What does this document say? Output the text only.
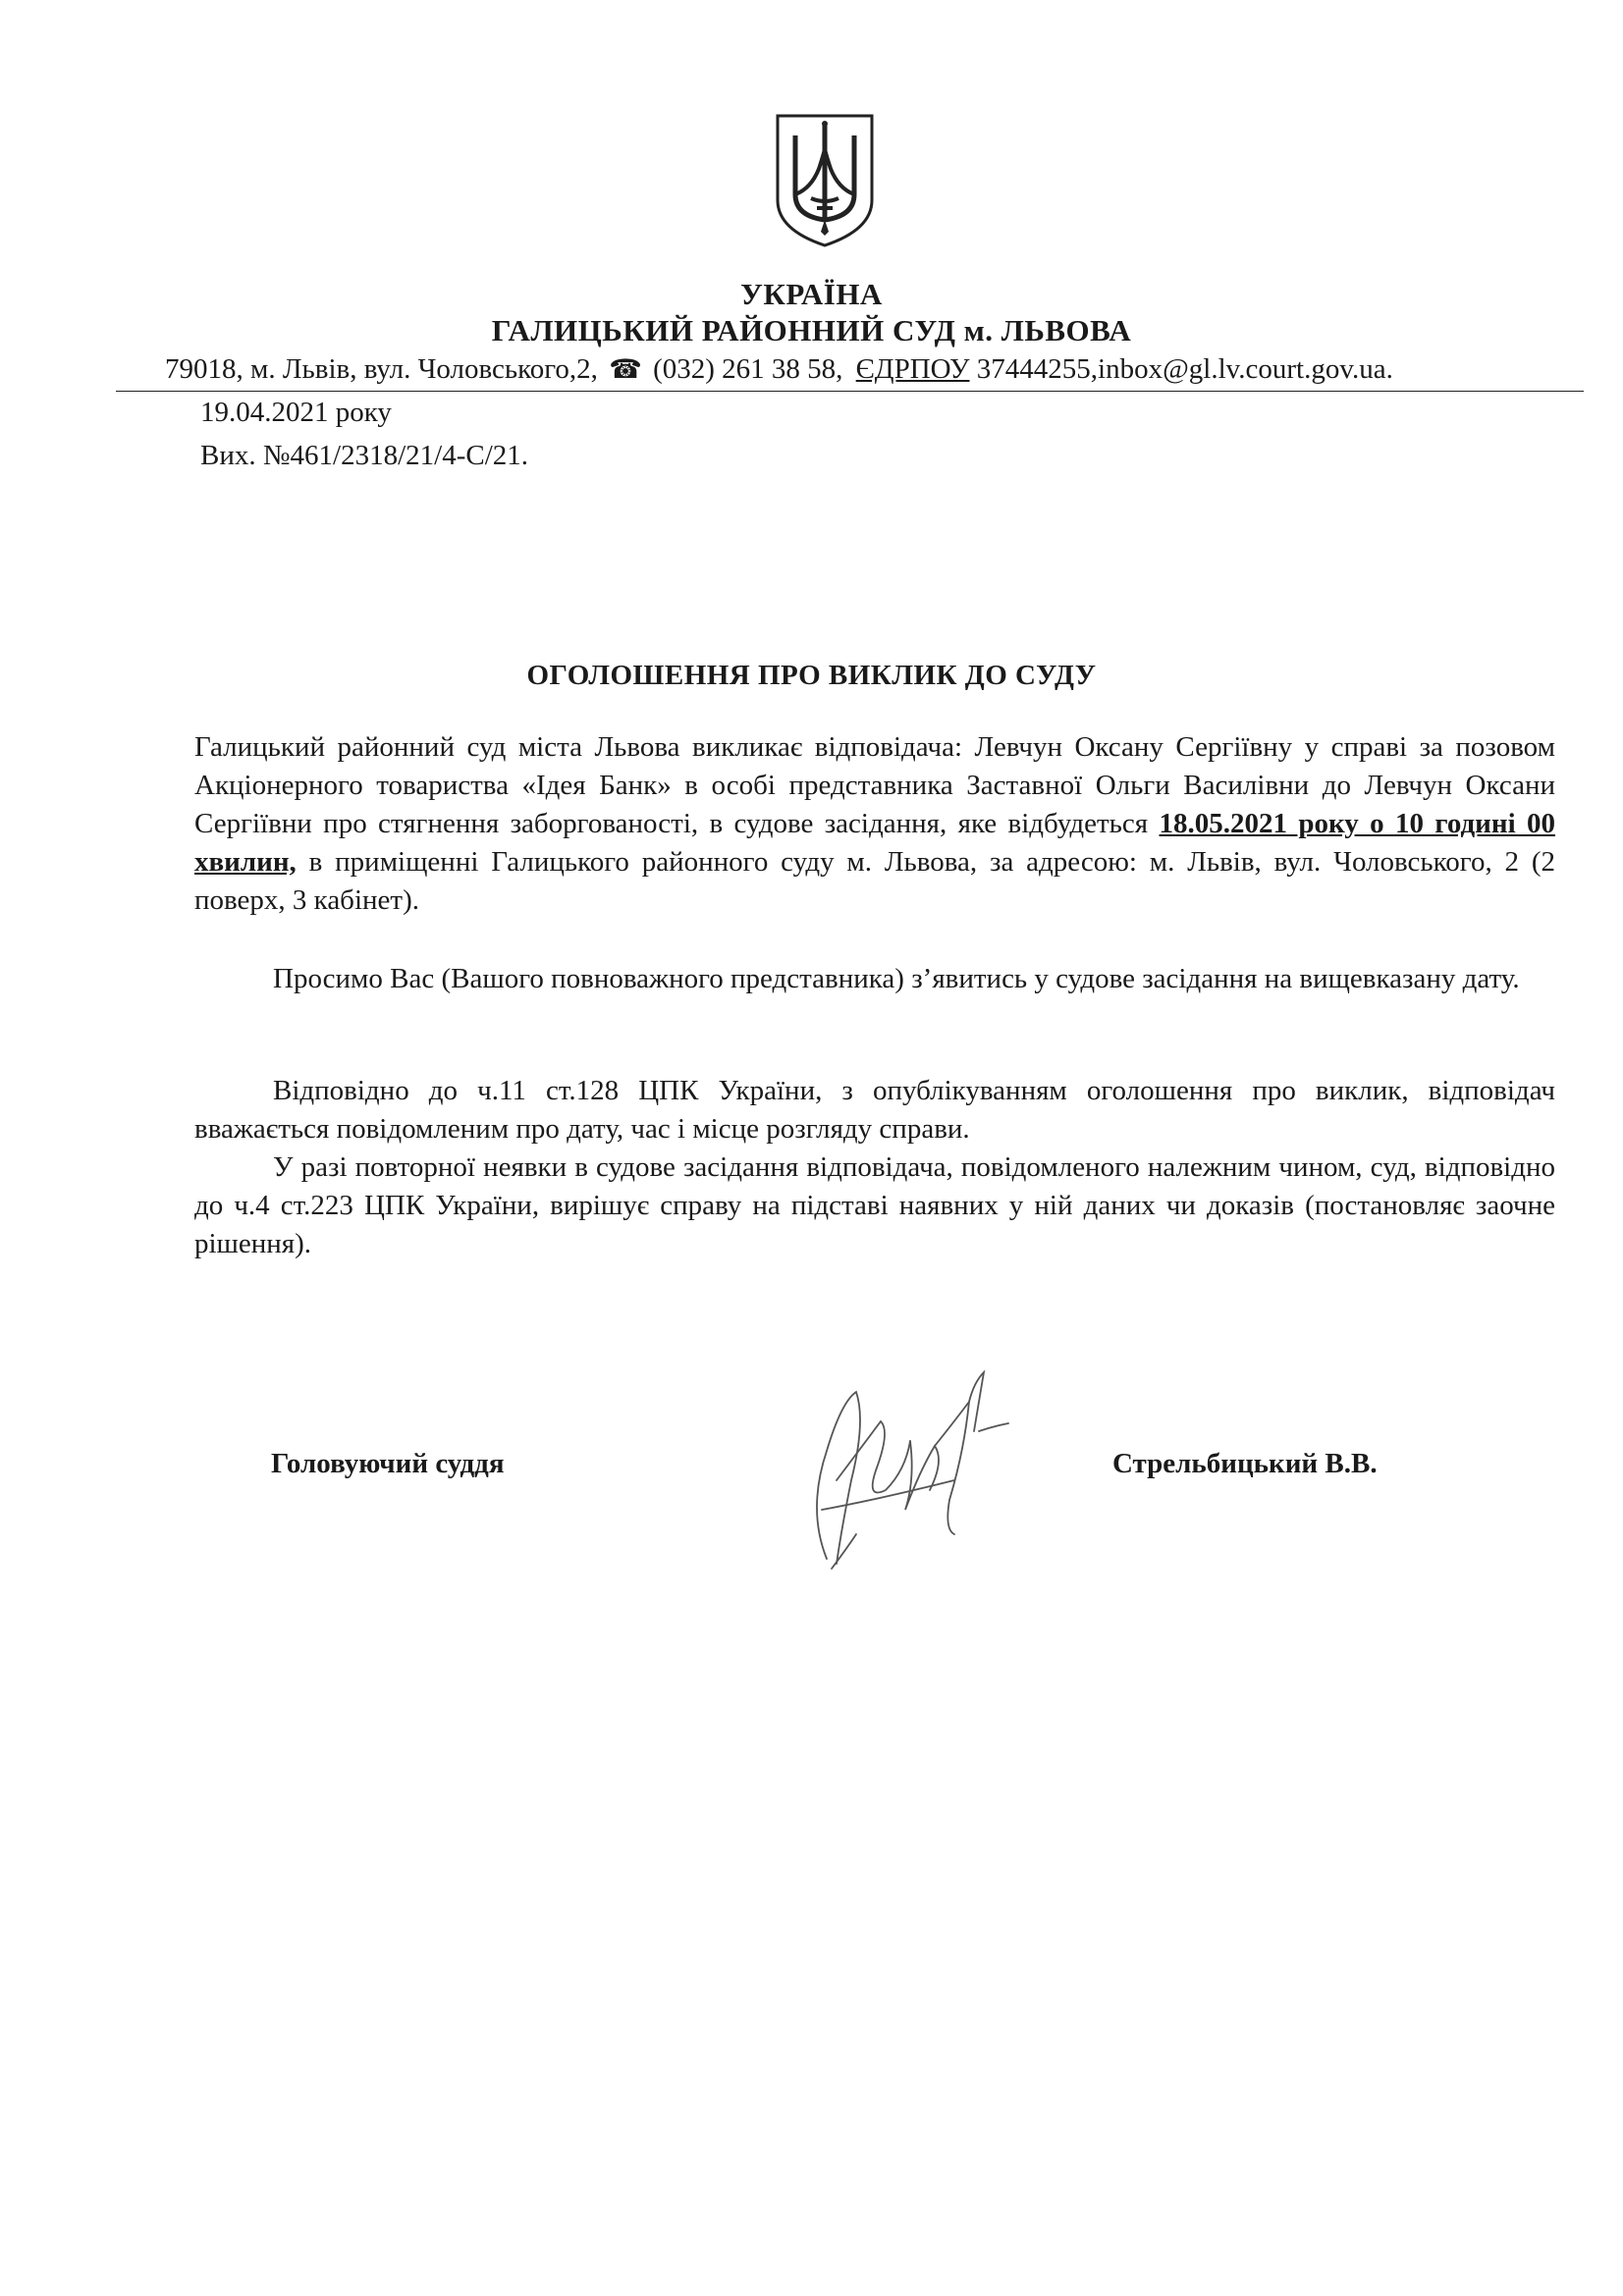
УКРАЇНА

ГАЛИЦЬКИЙ РАЙОННИЙ СУД м. ЛЬВОВА

79018, м. Львів, вул. Чоловського,2, ☎ (032) 261 38 58, ЄДРПОУ 37444255,inbox@gl.lv.court.gov.ua.

19.04.2021 року

Вих. №461/2318/21/4-С/21.

ОГОЛОШЕННЯ ПРО ВИКЛИК ДО СУДУ

Галицький районний суд міста Львова викликає відповідача: Левчун Оксану Сергіївну у справі за позовом Акціонерного товариства «Ідея Банк» в особі представника Заставної Ольги Василівни до Левчун Оксани Сергіївни про стягнення заборгованості, в судове засідання, яке відбудеться 18.05.2021 року о 10 годині 00 хвилин, в приміщенні Галицького районного суду м. Львова, за адресою: м. Львів, вул. Чоловського, 2 (2 поверх, 3 кабінет).

Просимо Вас (Вашого повноважного представника) з’явитись у судове засідання на вищевказану дату.

Відповідно до ч.11 ст.128 ЦПК України, з опублікуванням оголошення про виклик, відповідач вважається повідомленим про дату, час і місце розгляду справи.

У разі повторної неявки в судове засідання відповідача, повідомленого належним чином, суд, відповідно до ч.4 ст.223 ЦПК України, вирішує справу на підставі наявних у ній даних чи доказів (постановляє заочне рішення).

Головуючий суддя	Стрельбицький В.В.
